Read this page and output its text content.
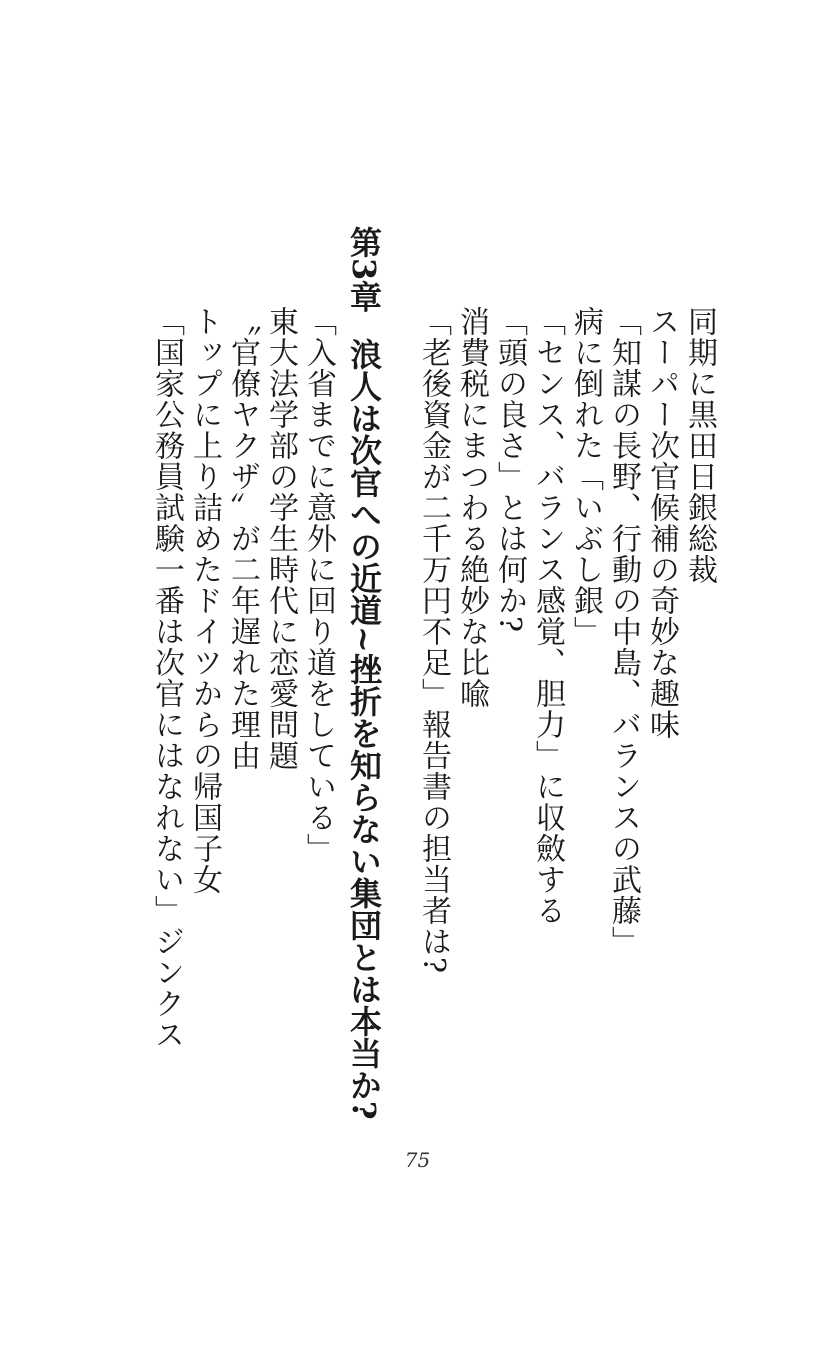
同期に黒田日銀総裁
スーパー次官候補の奇妙な趣味
「知謀の長野、行動の中島、バランスの武藤」
病に倒れた「いぶし銀」
「センス、バランス感覚、胆力」に収斂する
「頭の良さ」とは何か?
消費税にまつわる絶妙な比喩
「老後資金が二千万円不足」報告書の担当者は?
第3章
浪人は次官への近道~挫折を知らない集団とは本当か?
「入省までに意外に回り道をしている」
東大法学部の学生時代に恋愛問題
〝官僚ヤクザ〟が二年遅れた理由
トップに上り詰めたドイツからの帰国子女
「国家公務員試験一番は次官にはなれない」ジンクス
75
